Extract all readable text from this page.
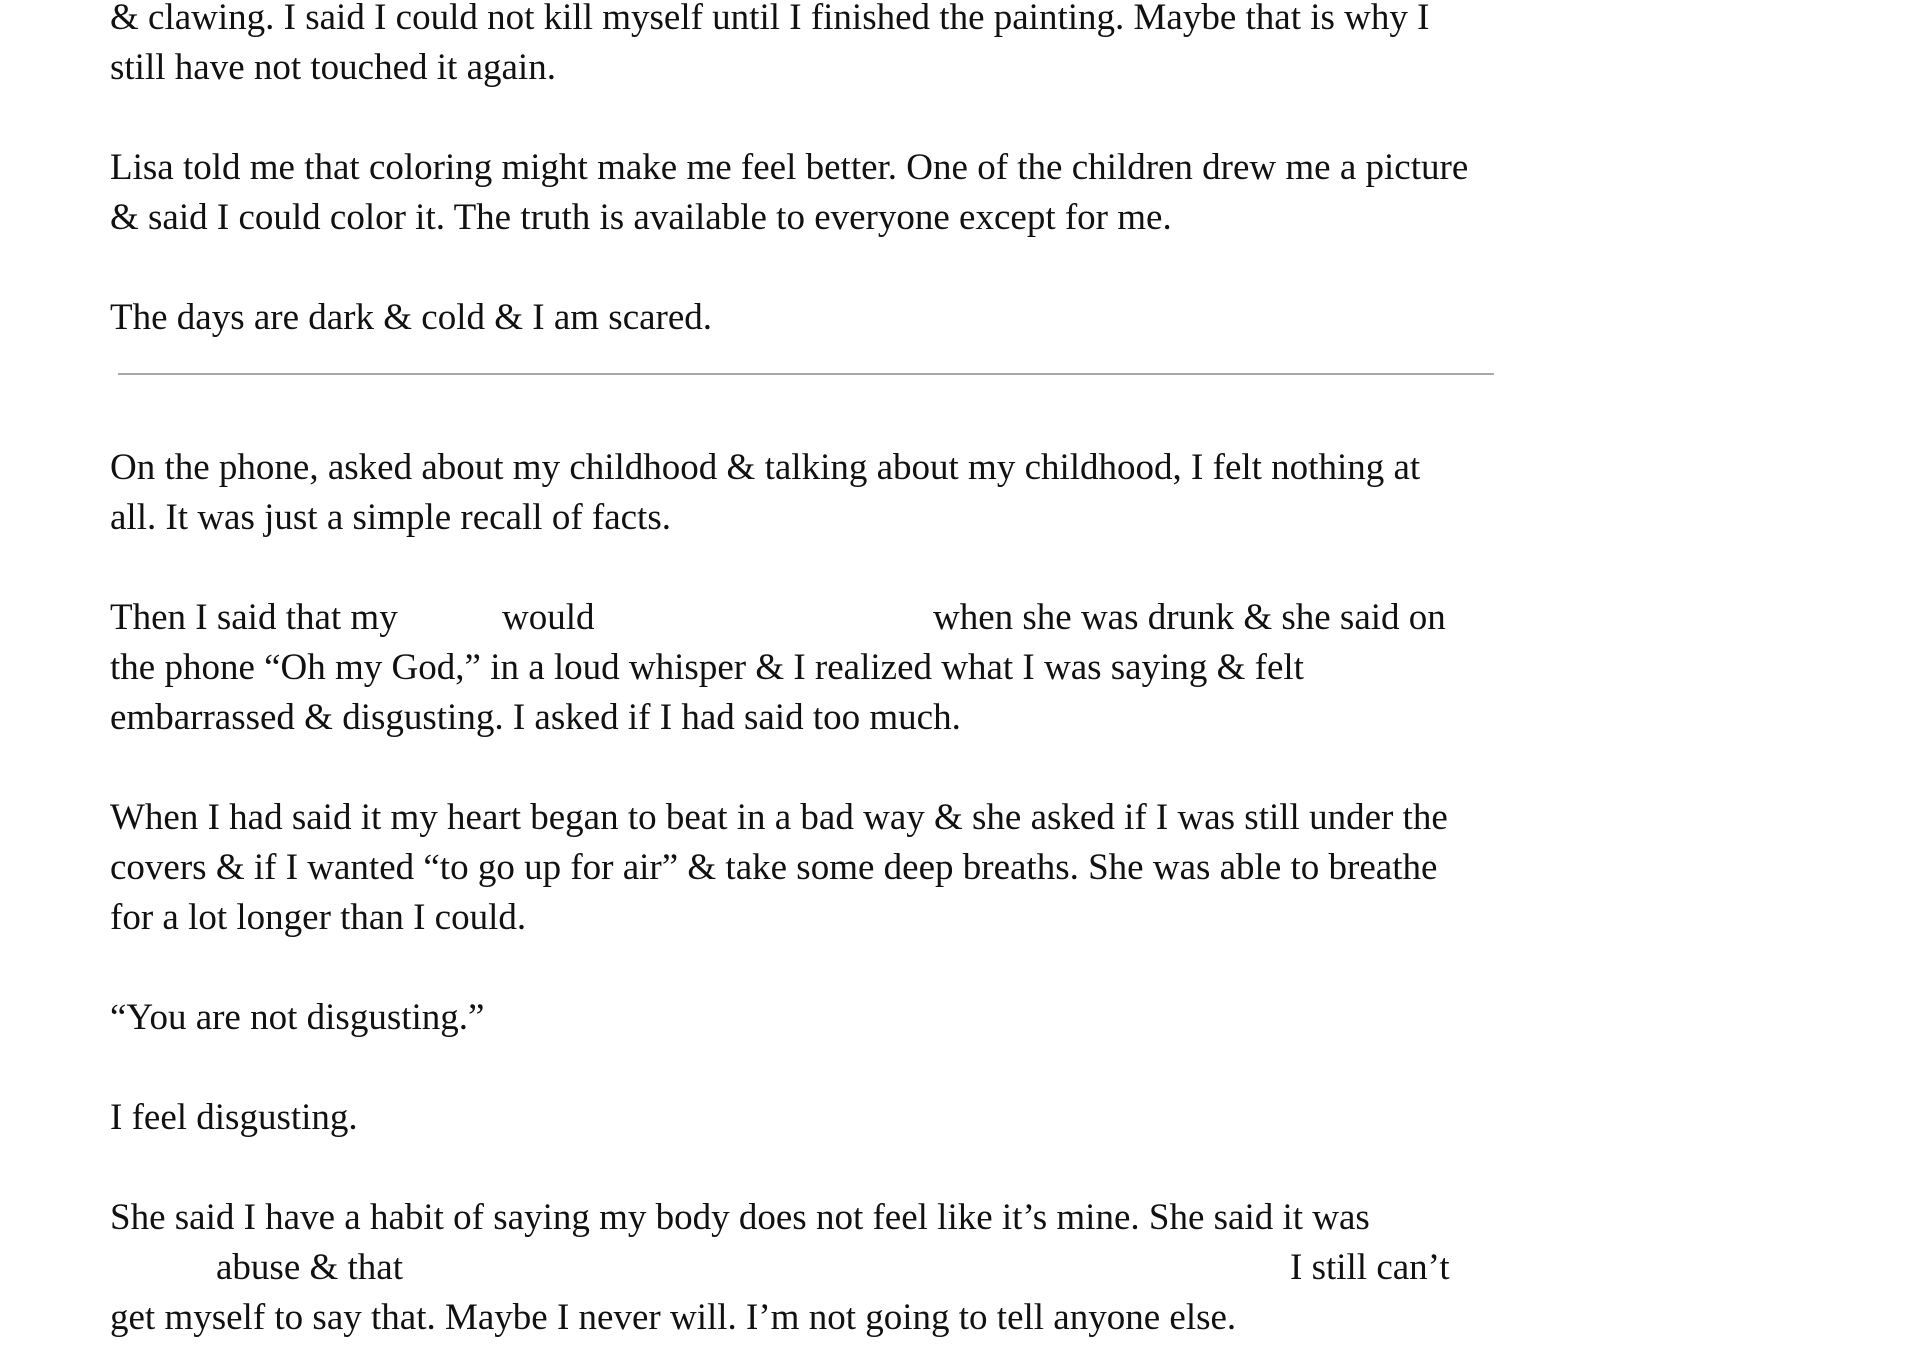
& clawing. I said I could not kill myself until I finished the painting. Maybe that is why I
still have not touched it again.
Lisa told me that coloring might make me feel better. One of the children drew me a picture
& said I could color it. The truth is available to everyone except for me.
The days are dark & cold & I am scared.
On the phone, asked about my childhood & talking about my childhood, I felt nothing at
all. It was just a simple recall of facts.
Then I said that my	would	when she was drunk & she said on
the phone “Oh my God,” in a loud whisper & I realized what I was saying & felt
embarrassed & disgusting. I asked if I had said too much.
When I had said it my heart began to beat in a bad way & she asked if I was still under the
covers & if I wanted “to go up for air” & take some deep breaths. She was able to breathe
for a lot longer than I could.
“You are not disgusting.”
I feel disgusting.
She said I have a habit of saying my body does not feel like it’s mine. She said it was
abuse & that	I still can’t
get myself to say that. Maybe I never will. I’m not going to tell anyone else.
